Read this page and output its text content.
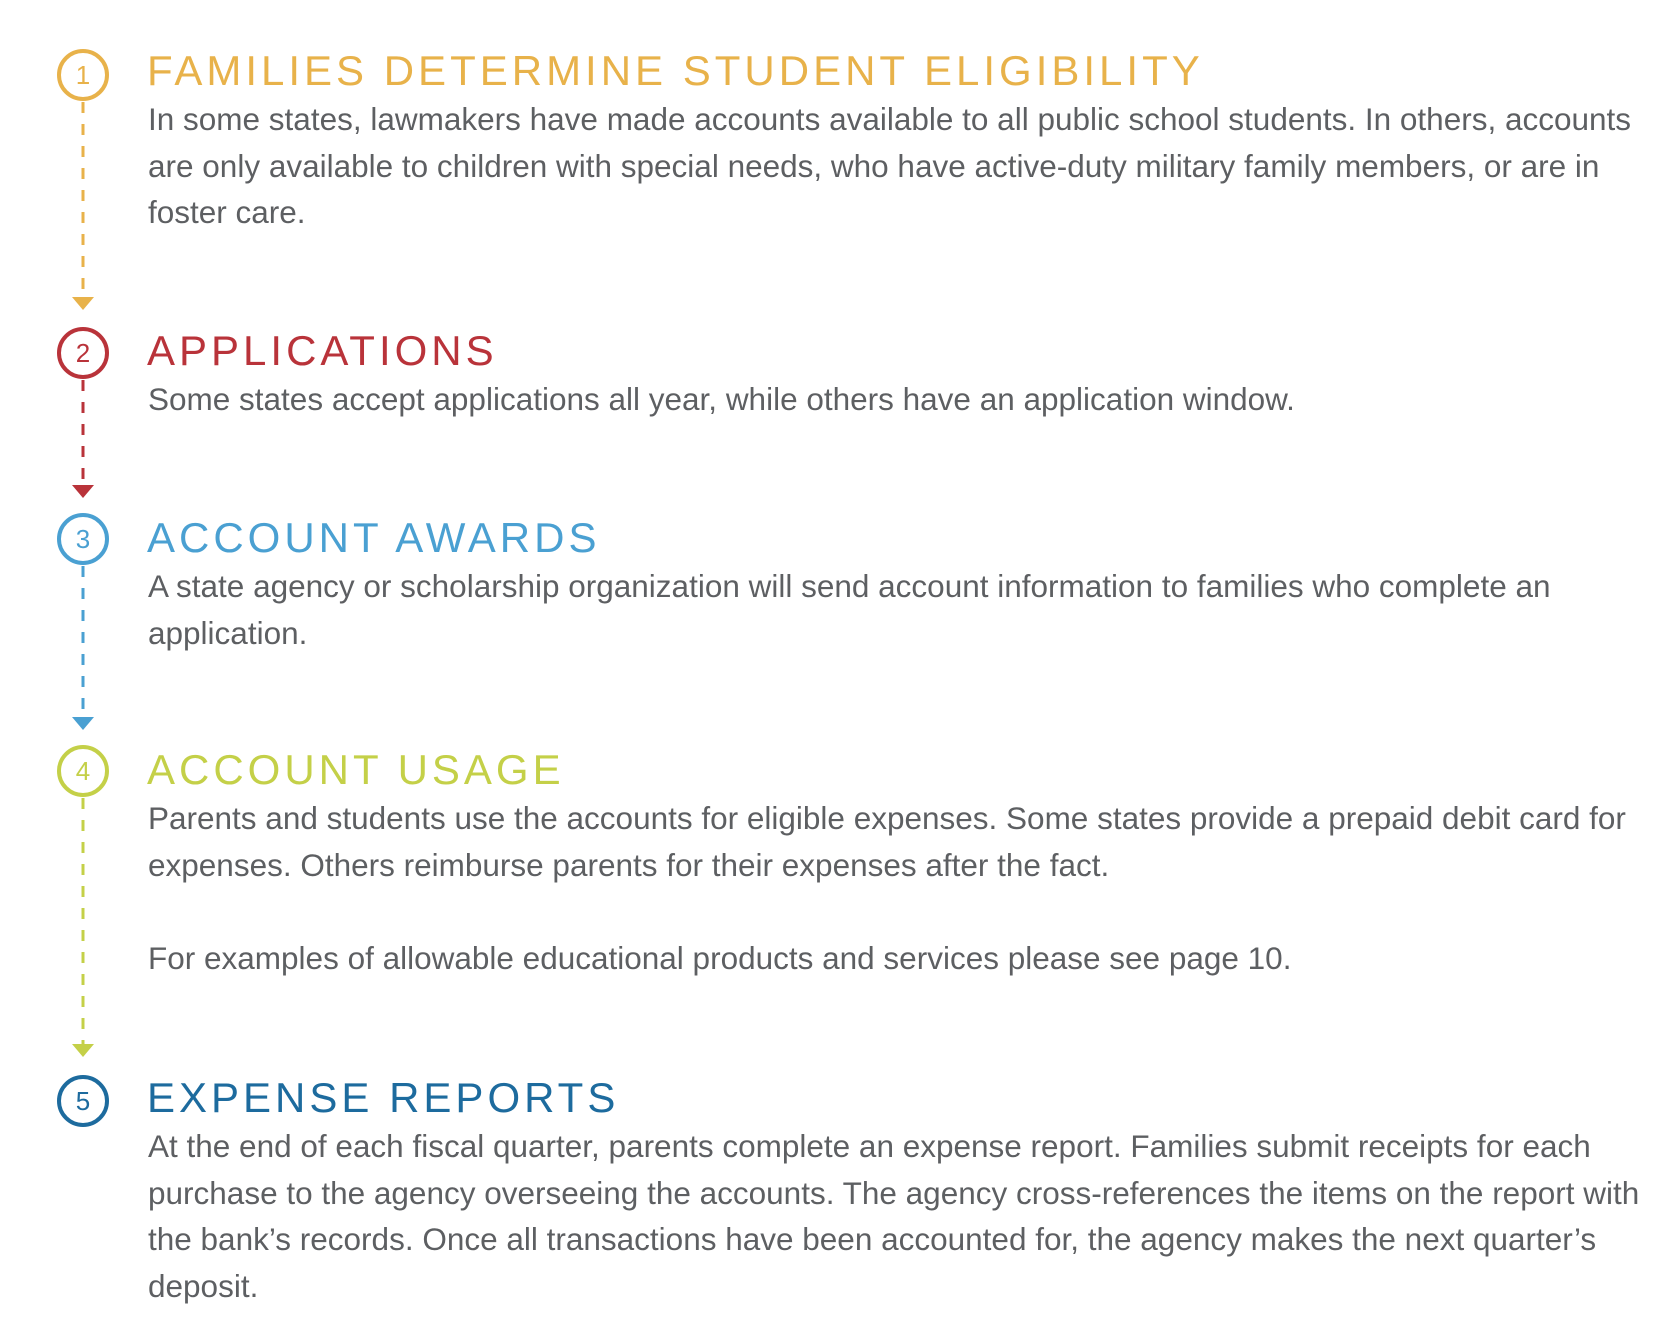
1
2
3
4
5
FAMILIES DETERMINE STUDENT ELIGIBILITY

In some states, lawmakers have made accounts available to all public school students. In others, accounts are only available to children with special needs, who have active-duty military family members, or are in foster care.

APPLICATIONS

Some states accept applications all year, while others have an application window.

ACCOUNT AWARDS

A state agency or scholarship organization will send account information to families who complete an application.

ACCOUNT USAGE

Parents and students use the accounts for eligible expenses. Some states provide a prepaid debit card for expenses. Others reimburse parents for their expenses after the fact.

For examples of allowable educational products and services please see page 10.

EXPENSE REPORTS

At the end of each fiscal quarter, parents complete an expense report. Families submit receipts for each purchase to the agency overseeing the accounts. The agency cross-references the items on the report with the bank’s records. Once all transactions have been accounted for, the agency makes the next quarter’s deposit.
